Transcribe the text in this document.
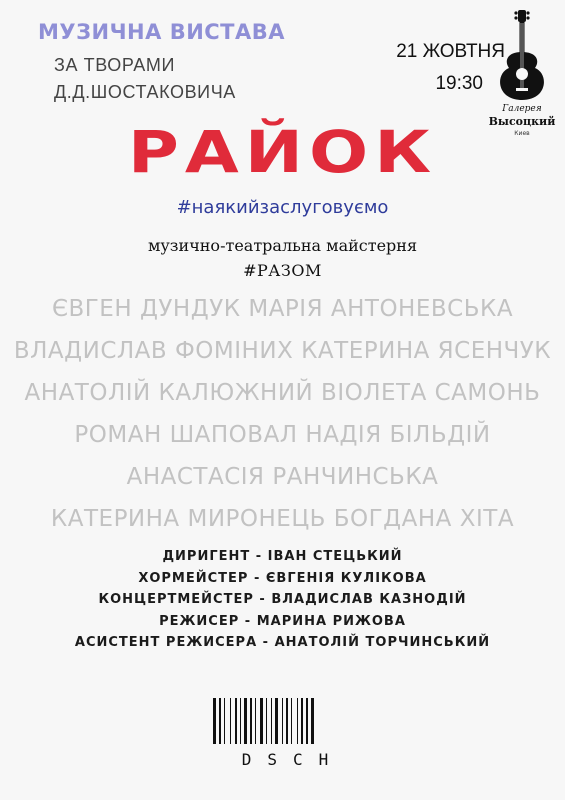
МУЗИЧНА ВИСТАВА
ЗА ТВОРАМИ
Д.Д.ШОСТАКОВИЧА
21 ЖОВТНЯ
19:30
Галерея
Высоцкий
Киев
РАЙОК
#наякийзаслуговуємо
музично-театральна майстерня
#РАЗОМ
ЄВГЕН ДУНДУК МАРІЯ АНТОНЕВСЬКА
ВЛАДИСЛАВ ФОМІНИХ КАТЕРИНА ЯСЕНЧУК
АНАТОЛІЙ КАЛЮЖНИЙ ВІОЛЕТА САМОНЬ
РОМАН ШАПОВАЛ НАДІЯ БІЛЬДІЙ
АНАСТАСІЯ РАНЧИНСЬКА
КАТЕРИНА МИРОНЕЦЬ БОГДАНА ХІТА
ДИРИГЕНТ - ІВАН СТЕЦЬКИЙ
ХОРМЕЙСТЕР - ЄВГЕНІЯ КУЛІКОВА
КОНЦЕРТМЕЙСТЕР - ВЛАДИСЛАВ КАЗНОДІЙ
РЕЖИСЕР - МАРИНА РИЖОВА
АСИСТЕНТ РЕЖИСЕРА - АНАТОЛІЙ ТОРЧИНСЬКИЙ
DSCH
